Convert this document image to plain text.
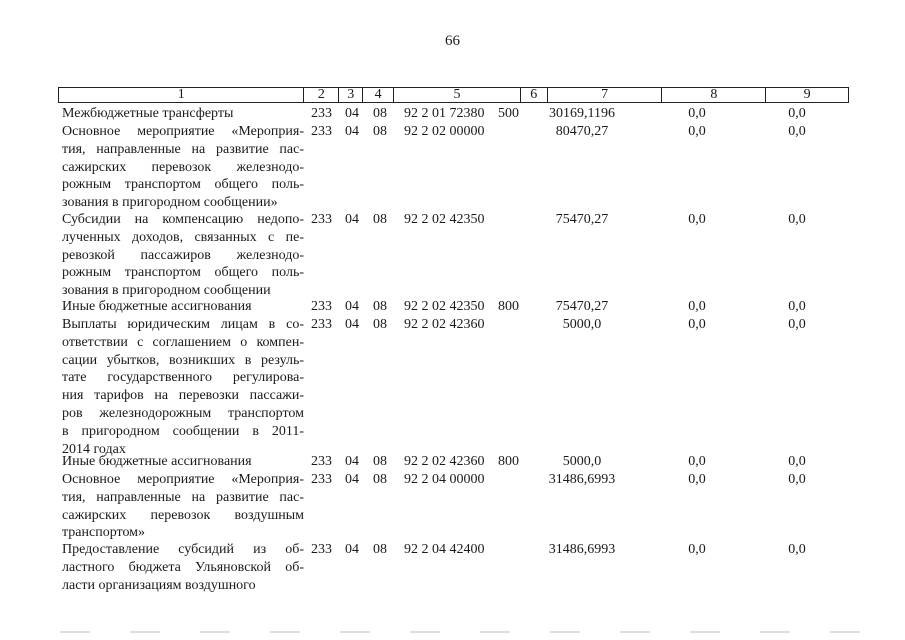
66
1	2	3	4	5	6	7	8	9
Межбюджетные трансферты	233 04 08 92 2 01 72380 500	30169,1196	0,0	0,0
Основное мероприятие «Мероприя-
тия, направленные на развитие пас-
сажирских перевозок железнодо-
рожным транспортом общего поль-
зования в пригородном сообщении»
233 04 08 92 2 02 00000	80470,27	0,0	0,0
Субсидии на компенсацию недопо-
лученных доходов, связанных с пе-
ревозкой пассажиров железнодо-
рожным транспортом общего поль-
зования в пригородном сообщении
233 04 08 92 2 02 42350	75470,27	0,0	0,0
Иные бюджетные ассигнования	233 04 08 92 2 02 42350 800	75470,27	0,0	0,0
Выплаты юридическим лицам в со-
ответствии с соглашением о компен-
сации убытков, возникших в резуль-
тате государственного регулирова-
ния тарифов на перевозки пассажи-
ров железнодорожным транспортом
в пригородном сообщении в 2011-
2014 годах
233 04 08 92 2 02 42360	5000,0	0,0	0,0
Иные бюджетные ассигнования	233 04 08 92 2 02 42360 800	5000,0	0,0	0,0
Основное мероприятие «Мероприя-
тия, направленные на развитие пас-
сажирских перевозок воздушным
транспортом»
233 04 08 92 2 04 00000	31486,6993	0,0	0,0
Предоставление субсидий из об-
ластного бюджета Ульяновской об-
ласти организациям воздушного
233 04 08 92 2 04 42400	31486,6993	0,0	0,0
